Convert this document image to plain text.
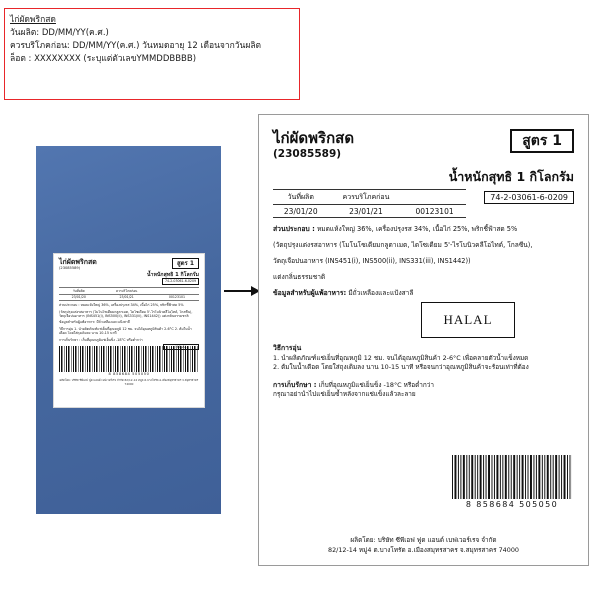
ไก่ผัดพริกสด
วันผลิต: DD/MM/YY(ค.ศ.)
ควรบริโภคก่อน: DD/MM/YY(ค.ศ.) วันหมดอายุ 12 เดือนจากวันผลิต
ล็อต : XXXXXXXX (ระบุแต่ตัวเลขYMMDDBBBB)
ไก่ผัดพริกสด
(23085589)
สูตร 1
น้ำหนักสุทธิ 1 กิโลกรัม
74-2-03061-6-0209
วันที่ผลิต	ควรบริโภคก่อน	
23/01/20	23/01/21	00123101
ส่วนประกอบ : หมดแห้งใหญ่ 36%, เครื่องปรุงรส 34%, เนื้อไก่ 25%, พริกชี้ฟ้าสด 5%
(วัตถุปรุงแต่งรสอาหาร (โมโนโซเดียมกลูตาเมต, ไดโซเดียม 5'-ไรโบนิวคลีโอไทด์, โกลซีน), วัตถุเจือปนอาหาร (INS451(i), INS500(ii), INS331(iii), INS1442)) แต่งกลิ่นธรรมชาติ
ข้อมูลสำหรับผู้แพ้อาหาร: มีถั่วเหลืองและแป้งสาลี
วิธีการอุ่น 1. นำผลิตภัณฑ์แช่เย็นที่อุณหภูมิ 12 ชม. จนได้อุณหภูมิสินค้า 2-6°C 2. ต้มในน้ำเดือด โดยใส่ถุงเดิมลง นาน 10-15 นาที
การเก็บรักษา : เก็บที่อุณหภูมิแช่เย็นข็ง -18°C หรือต่ำกว่า
HALAL
8 858684 505050
ผลิตโดย: บริษัท ซีพีเอฟ ฟูด แอนด์ เบฟเวอร์เรจ จำกัด 82/12-14 หมู่4 ต.บางโทรัด อ.เมืองสมุทรสาคร จ.สมุทรสาคร 74000
ไก่ผัดพริกสด
(23085589)
สูตร 1
น้ำหนักสุทธิ 1 กิโลกรัม
74-2-03061-6-0209
วันที่ผลิต	ควรบริโภคก่อน	
23/01/20	23/01/21	00123101
ส่วนประกอบ : หมดแห้งใหญ่ 36%, เครื่องปรุงรส 34%, เนื้อไก่ 25%, พริกชี้ฟ้าสด 5%
(วัตถุปรุงแต่งรสอาหาร (โมโนโซเดียมกลูตาเมต, ไดโซเดียม 5'-ไรโบนิวคลีโอไทด์, โกลซีน),
วัตถุเจือปนอาหาร (INS451(i), INS500(ii), INS331(iii), INS1442))
แต่งกลิ่นธรรมชาติ
ข้อมูลสำหรับผู้แพ้อาหาร: มีถั่วเหลืองและแป้งสาลี
HALAL
วิธีการอุ่น
1. นำผลิตภัณฑ์แช่เย็นที่อุณหภูมิ 12 ชม. จนได้อุณหภูมิสินค้า 2-6°C เพื่อคลายตัวน้ำแข็งหมด
2. ต้มในน้ำเดือด โดยใส่ถุงเดิมลง นาน 10-15 นาที หรือจนกว่าอุณหภูมิสินค้าจะร้อนเท่าที่ต้อง
การเก็บรักษา : เก็บที่อุณหภูมิแช่เย็นข็ง -18°C หรือต่ำกว่า
กรุณาอย่านำไปแช่เย็นซ้ำหลังจากแช่แข็งแล้วละลาย
8 858684 505050
ผลิตโดย: บริษัท ซีพีเอฟ ฟูด แอนด์ เบฟเวอร์เรจ จำกัด
82/12-14 หมู่4 ต.บางโทรัด อ.เมืองสมุทรสาคร จ.สมุทรสาคร 74000
